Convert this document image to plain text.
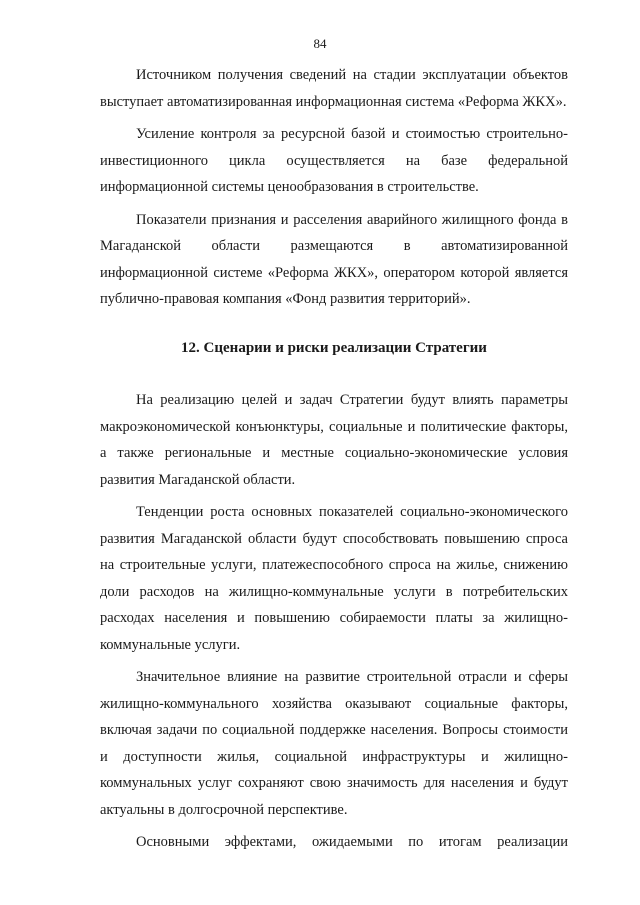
84

Источником получения сведений на стадии эксплуатации объектов выступает автоматизированная информационная система «Реформа ЖКХ».

Усиление контроля за ресурсной базой и стоимостью строительно-инвестиционного цикла осуществляется на базе федеральной информационной системы ценообразования в строительстве.

Показатели признания и расселения аварийного жилищного фонда в Магаданской области размещаются в автоматизированной информационной системе «Реформа ЖКХ», оператором которой является публично-правовая компания «Фонд развития территорий».

12. Сценарии и риски реализации Стратегии

На реализацию целей и задач Стратегии будут влиять параметры макроэкономической конъюнктуры, социальные и политические факторы, а также региональные и местные социально-экономические условия развития Магаданской области.

Тенденции роста основных показателей социально-экономического развития Магаданской области будут способствовать повышению спроса на строительные услуги, платежеспособного спроса на жилье, снижению доли расходов на жилищно-коммунальные услуги в потребительских расходах населения и повышению собираемости платы за жилищно-коммунальные услуги.

Значительное влияние на развитие строительной отрасли и сферы жилищно-коммунального хозяйства оказывают социальные факторы, включая задачи по социальной поддержке населения. Вопросы стоимости и доступности жилья, социальной инфраструктуры и жилищно-коммунальных услуг сохраняют свою значимость для населения и будут актуальны в долгосрочной перспективе.

Основными эффектами, ожидаемыми по итогам реализации
